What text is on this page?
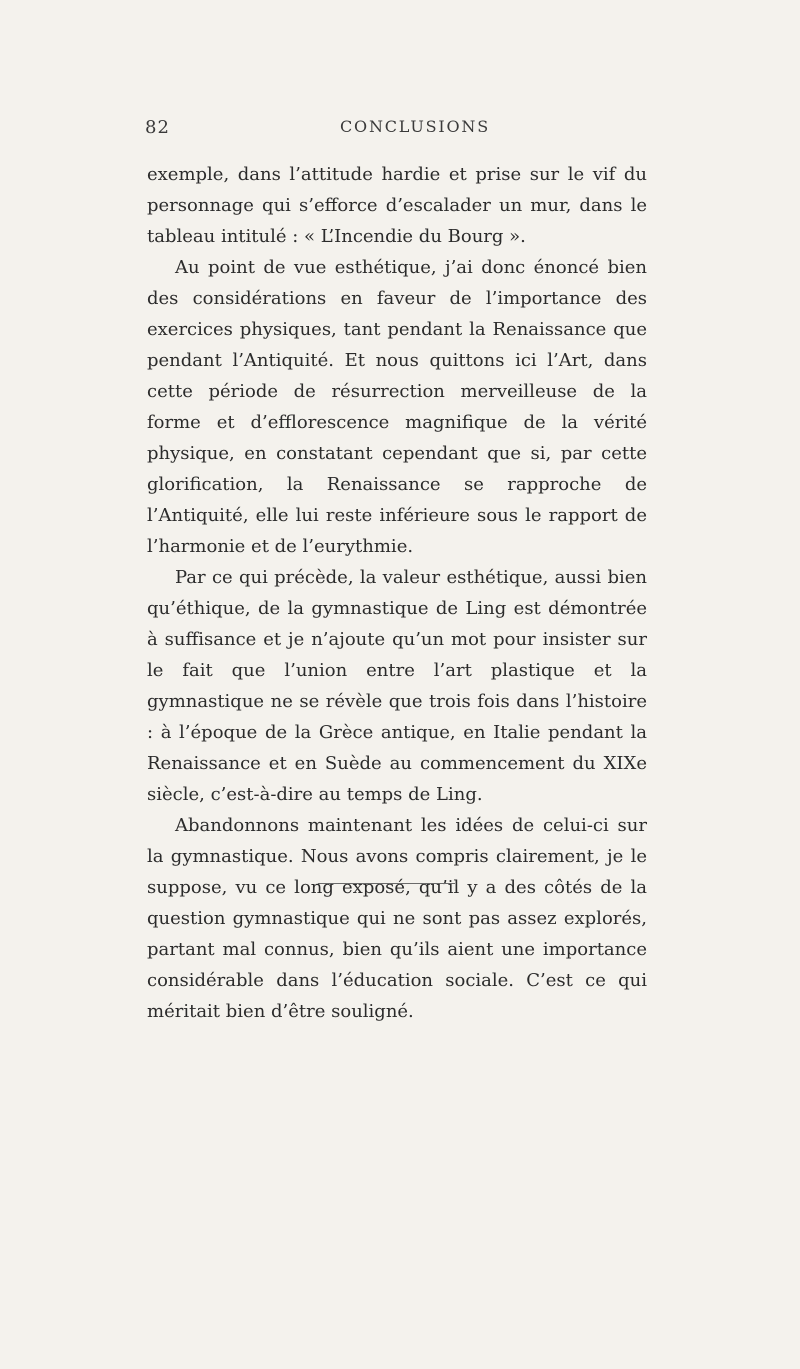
82	CONCLUSIONS

exemple, dans l’attitude hardie et prise sur le vif du personnage qui s’efforce d’escalader un mur, dans le tableau intitulé : « L’Incendie du Bourg ».

Au point de vue esthétique, j’ai donc énoncé bien des considérations en faveur de l’importance des exercices physiques, tant pendant la Renaissance que pendant l’Antiquité. Et nous quittons ici l’Art, dans cette période de résurrection merveilleuse de la forme et d’efflorescence magnifique de la vérité physique, en constatant cependant que si, par cette glorification, la Renaissance se rapproche de l’Antiquité, elle lui reste inférieure sous le rapport de l’harmonie et de l’eurythmie.

Par ce qui précède, la valeur esthétique, aussi bien qu’éthique, de la gymnastique de Ling est démontrée à suffisance et je n’ajoute qu’un mot pour insister sur le fait que l’union entre l’art plastique et la gymnastique ne se révèle que trois fois dans l’histoire : à l’époque de la Grèce antique, en Italie pendant la Renaissance et en Suède au commencement du XIXe siècle, c’est-à-dire au temps de Ling.

Abandonnons maintenant les idées de celui-ci sur la gymnastique. Nous avons compris clairement, je le suppose, vu ce long exposé, qu’il y a des côtés de la question gymnastique qui ne sont pas assez explorés, partant mal connus, bien qu’ils aient une importance considérable dans l’éducation sociale. C’est ce qui méritait bien d’être souligné.
